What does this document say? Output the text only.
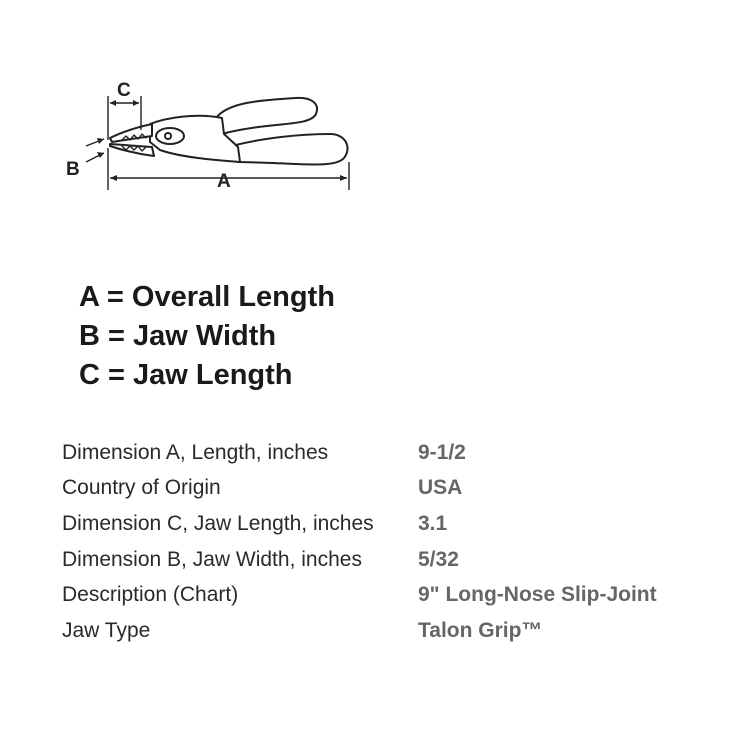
C
B
A
A = Overall Length
B = Jaw Width
C = Jaw Length
Dimension A, Length, inches	9-1/2
Country of Origin	USA
Dimension C, Jaw Length, inches	3.1
Dimension B, Jaw Width, inches	5/32
Description (Chart)	9" Long-Nose Slip-Joint
Jaw Type	Talon Grip™
